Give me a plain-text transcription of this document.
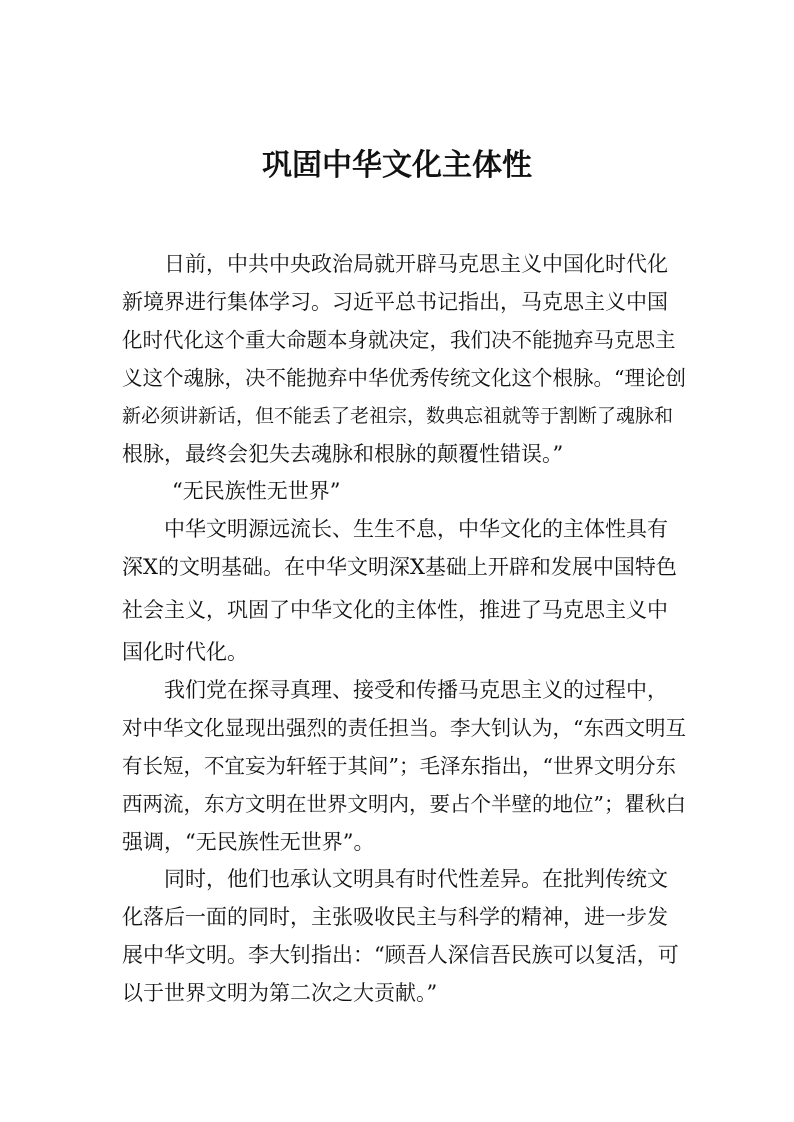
巩固中华文化主体性

日前，中共中央政治局就开辟马克思主义中国化时代化

新境界进行集体学习。习近平总书记指出，马克思主义中国

化时代化这个重大命题本身就决定，我们决不能抛弃马克思主

义这个魂脉，决不能抛弃中华优秀传统文化这个根脉。“理论创

新必须讲新话，但不能丢了老祖宗，数典忘祖就等于割断了魂脉和

根脉，最终会犯失去魂脉和根脉的颠覆性错误。”

“无民族性无世界”

中华文明源远流长、生生不息，中华文化的主体性具有

深X的文明基础。在中华文明深X基础上开辟和发展中国特色

社会主义，巩固了中华文化的主体性，推进了马克思主义中

国化时代化。

我们党在探寻真理、接受和传播马克思主义的过程中，

对中华文化显现出强烈的责任担当。李大钊认为，“东西文明互

有长短，不宜妄为轩轾于其间”；毛泽东指出，“世界文明分东

西两流，东方文明在世界文明内，要占个半壁的地位”；瞿秋白

强调，“无民族性无世界”。

同时，他们也承认文明具有时代性差异。在批判传统文

化落后一面的同时，主张吸收民主与科学的精神，进一步发

展中华文明。李大钊指出：“顾吾人深信吾民族可以复活，可

以于世界文明为第二次之大贡献。”
